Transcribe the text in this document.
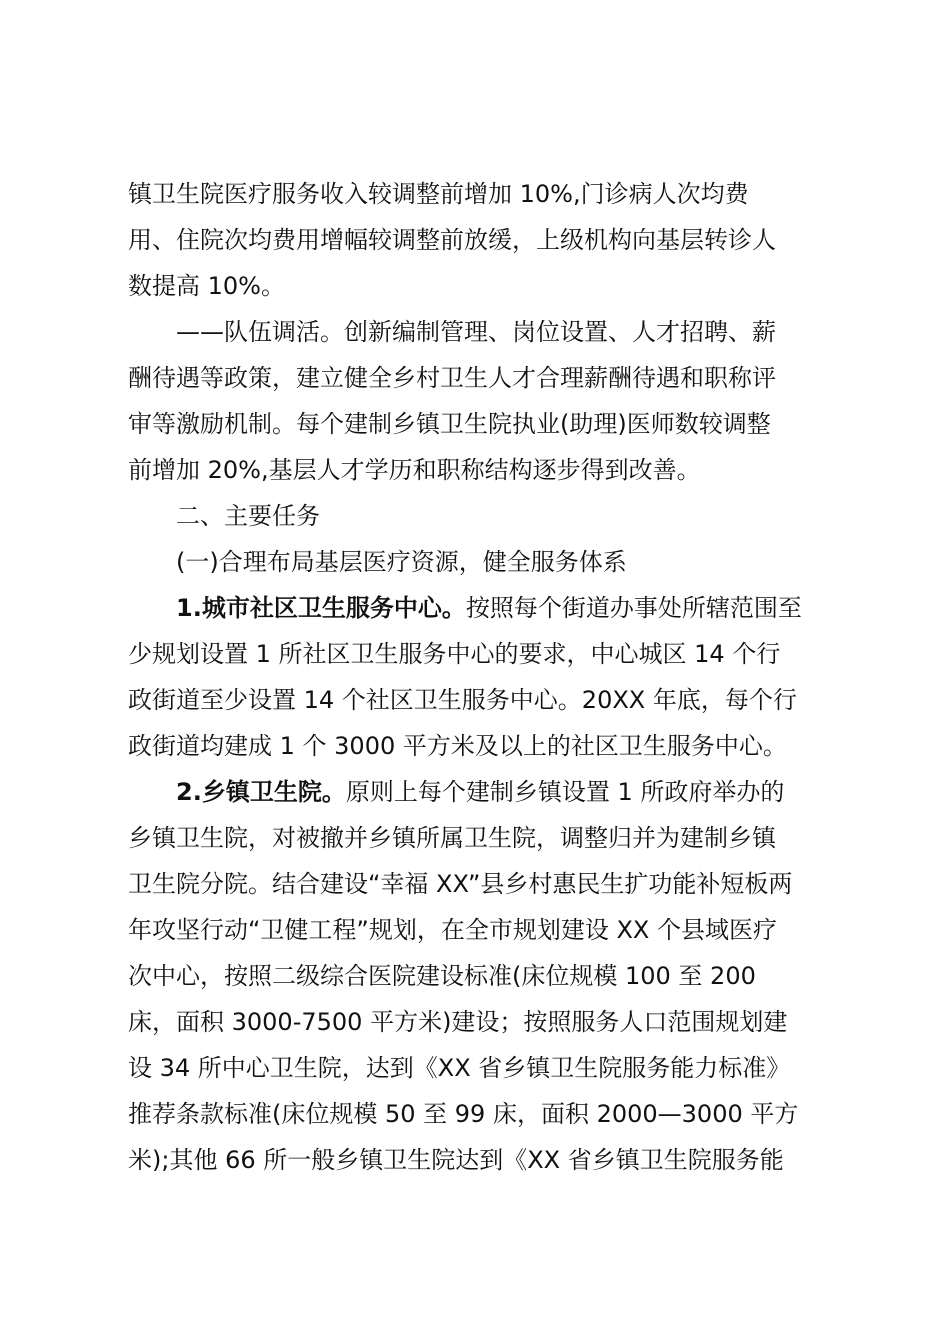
镇卫生院医疗服务收入较调整前增加 10%,门诊病人次均费
用、住院次均费用增幅较调整前放缓，上级机构向基层转诊人
数提高 10%。
——队伍调活。创新编制管理、岗位设置、人才招聘、薪
酬待遇等政策，建立健全乡村卫生人才合理薪酬待遇和职称评
审等激励机制。每个建制乡镇卫生院执业(助理)医师数较调整
前增加 20%,基层人才学历和职称结构逐步得到改善。
二、主要任务
(一)合理布局基层医疗资源，健全服务体系
1.城市社区卫生服务中心。按照每个街道办事处所辖范围至
少规划设置 1 所社区卫生服务中心的要求，中心城区 14 个行
政街道至少设置 14 个社区卫生服务中心。20XX 年底，每个行
政街道均建成 1 个 3000 平方米及以上的社区卫生服务中心。
2.乡镇卫生院。原则上每个建制乡镇设置 1 所政府举办的
乡镇卫生院，对被撤并乡镇所属卫生院，调整归并为建制乡镇
卫生院分院。结合建设“幸福 XX”县乡村惠民生扩功能补短板两
年攻坚行动“卫健工程”规划，在全市规划建设 XX 个县域医疗
次中心，按照二级综合医院建设标准(床位规模 100 至 200
床，面积 3000-7500 平方米)建设；按照服务人口范围规划建
设 34 所中心卫生院，达到《XX 省乡镇卫生院服务能力标准》
推荐条款标准(床位规模 50 至 99 床，面积 2000—3000 平方
米);其他 66 所一般乡镇卫生院达到《XX 省乡镇卫生院服务能
